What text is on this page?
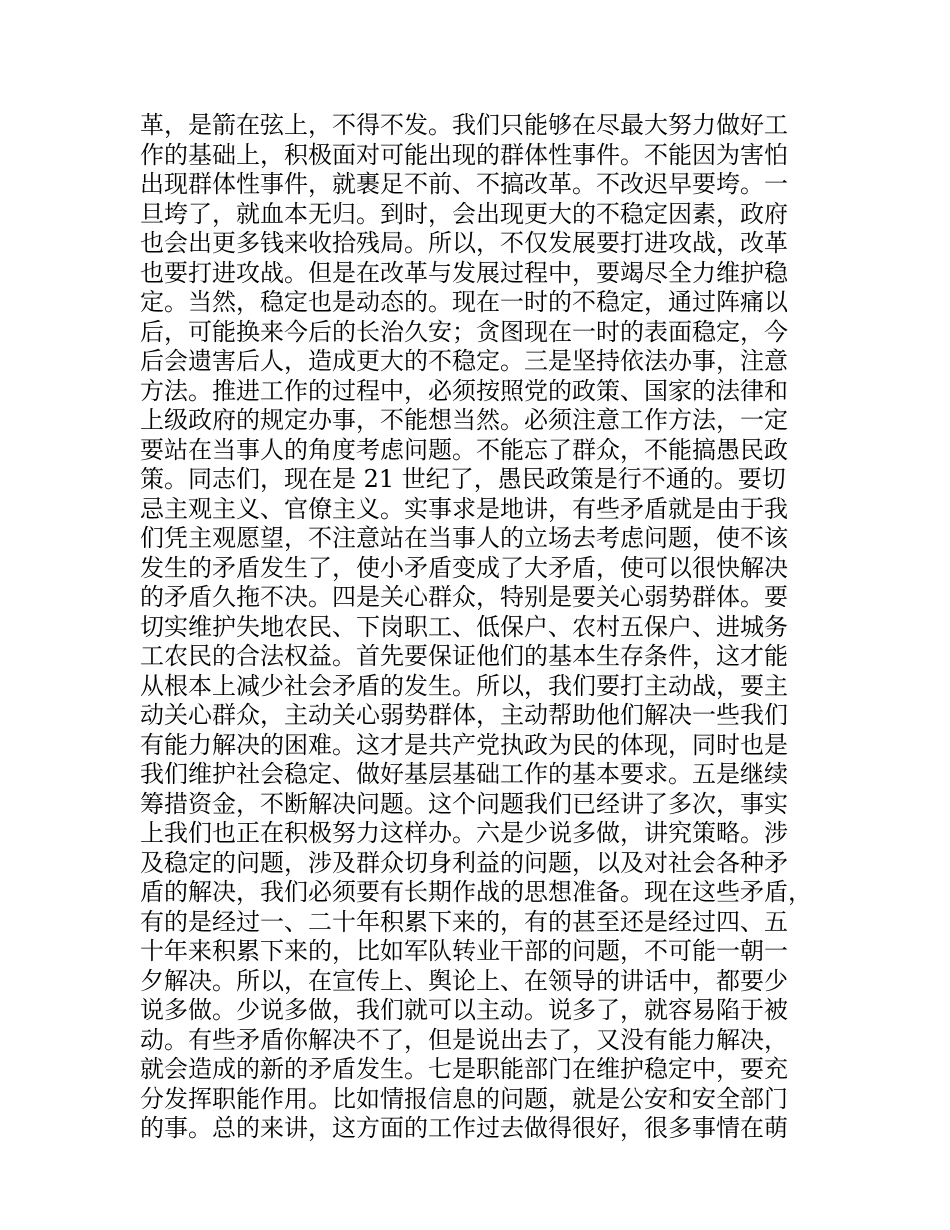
革，是箭在弦上，不得不发。我们只能够在尽最大努力做好工
作的基础上，积极面对可能出现的群体性事件。不能因为害怕
出现群体性事件，就裹足不前、不搞改革。不改迟早要垮。一
旦垮了，就血本无归。到时，会出现更大的不稳定因素，政府
也会出更多钱来收拾残局。所以，不仅发展要打进攻战，改革
也要打进攻战。但是在改革与发展过程中，要竭尽全力维护稳
定。当然，稳定也是动态的。现在一时的不稳定，通过阵痛以
后，可能换来今后的长治久安；贪图现在一时的表面稳定，今
后会遗害后人，造成更大的不稳定。三是坚持依法办事，注意
方法。推进工作的过程中，必须按照党的政策、国家的法律和
上级政府的规定办事，不能想当然。必须注意工作方法，一定
要站在当事人的角度考虑问题。不能忘了群众，不能搞愚民政
策。同志们，现在是 21 世纪了，愚民政策是行不通的。要切
忌主观主义、官僚主义。实事求是地讲，有些矛盾就是由于我
们凭主观愿望，不注意站在当事人的立场去考虑问题，使不该
发生的矛盾发生了，使小矛盾变成了大矛盾，使可以很快解决
的矛盾久拖不决。四是关心群众，特别是要关心弱势群体。要
切实维护失地农民、下岗职工、低保户、农村五保户、进城务
工农民的合法权益。首先要保证他们的基本生存条件，这才能
从根本上减少社会矛盾的发生。所以，我们要打主动战，要主
动关心群众，主动关心弱势群体，主动帮助他们解决一些我们
有能力解决的困难。这才是共产党执政为民的体现，同时也是
我们维护社会稳定、做好基层基础工作的基本要求。五是继续
筹措资金，不断解决问题。这个问题我们已经讲了多次，事实
上我们也正在积极努力这样办。六是少说多做，讲究策略。涉
及稳定的问题，涉及群众切身利益的问题，以及对社会各种矛
盾的解决，我们必须要有长期作战的思想准备。现在这些矛盾，
有的是经过一、二十年积累下来的，有的甚至还是经过四、五
十年来积累下来的，比如军队转业干部的问题，不可能一朝一
夕解决。所以，在宣传上、舆论上、在领导的讲话中，都要少
说多做。少说多做，我们就可以主动。说多了，就容易陷于被
动。有些矛盾你解决不了，但是说出去了，又没有能力解决，
就会造成的新的矛盾发生。七是职能部门在维护稳定中，要充
分发挥职能作用。比如情报信息的问题，就是公安和安全部门
的事。总的来讲，这方面的工作过去做得很好，很多事情在萌
